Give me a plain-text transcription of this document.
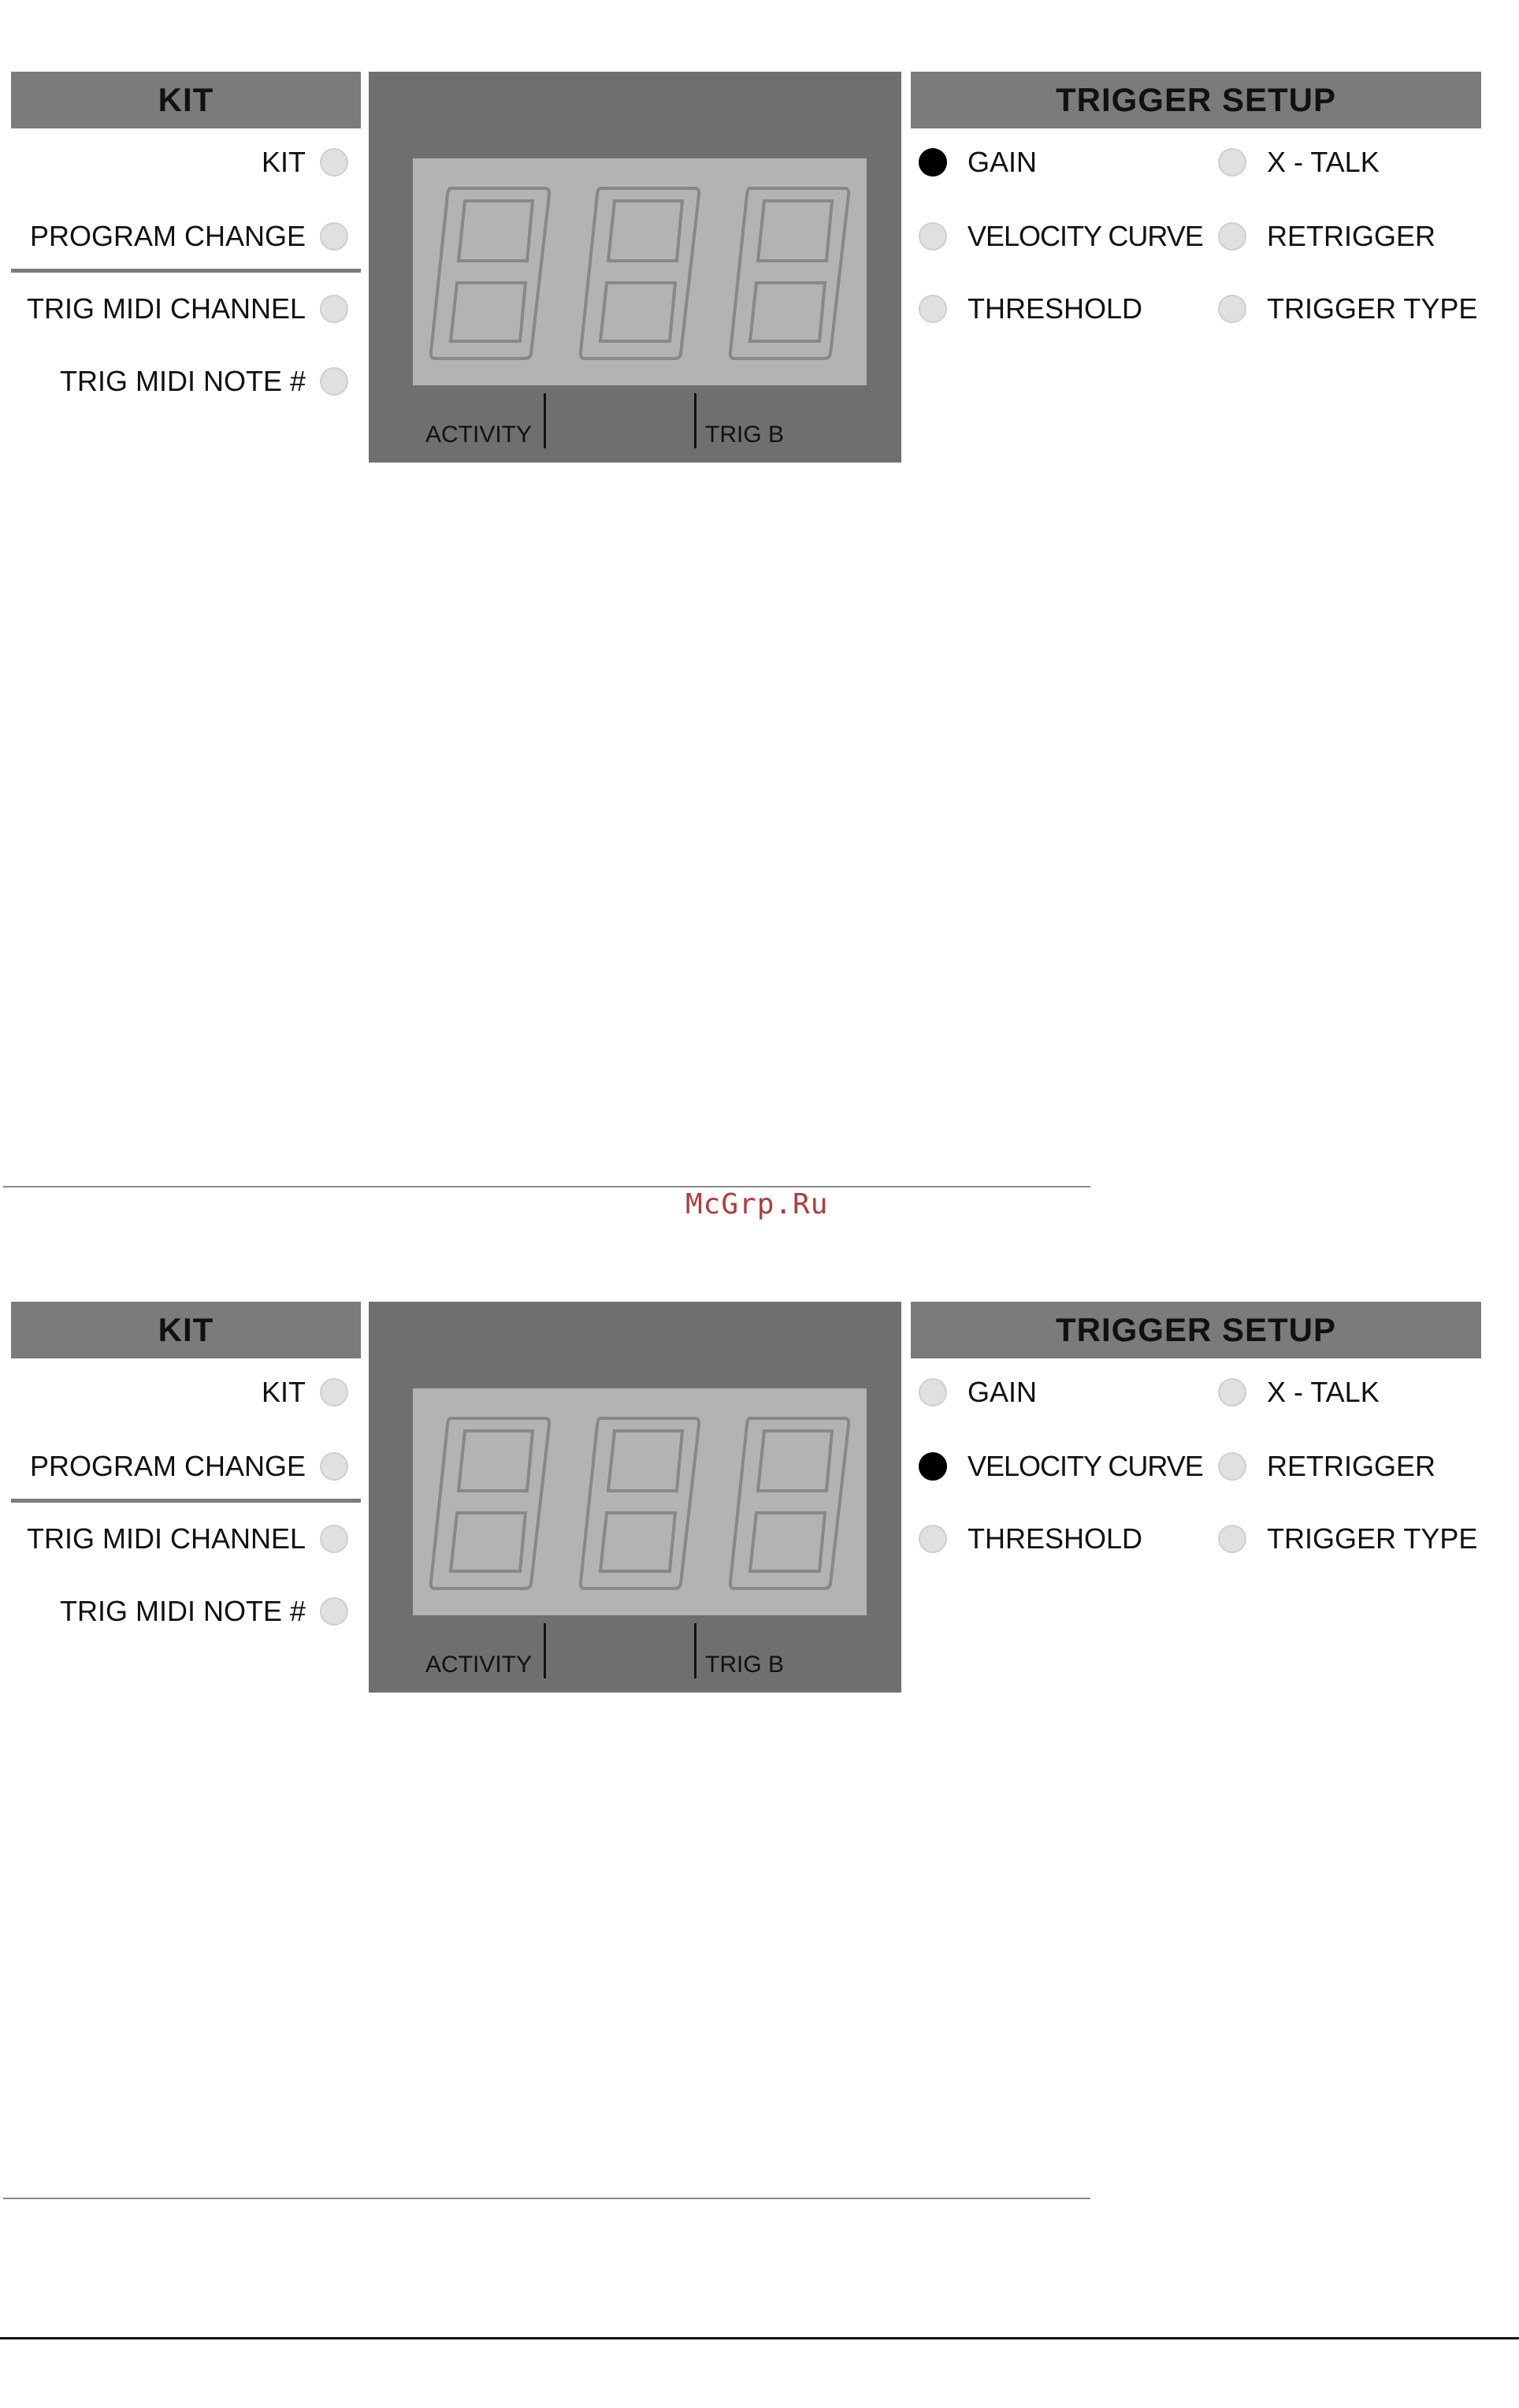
KIT
KIT
PROGRAM CHANGE
TRIG MIDI CHANNEL
TRIG MIDI NOTE #
ACTIVITY	TRIG B
TRIGGER SETUP
GAIN
VELOCITY CURVE
THRESHOLD
X - TALK
RETRIGGER
TRIGGER TYPE
McGrp.Ru
KIT
KIT
PROGRAM CHANGE
TRIG MIDI CHANNEL
TRIG MIDI NOTE #
ACTIVITY	TRIG B
TRIGGER SETUP
GAIN
VELOCITY CURVE
THRESHOLD
X - TALK
RETRIGGER
TRIGGER TYPE
